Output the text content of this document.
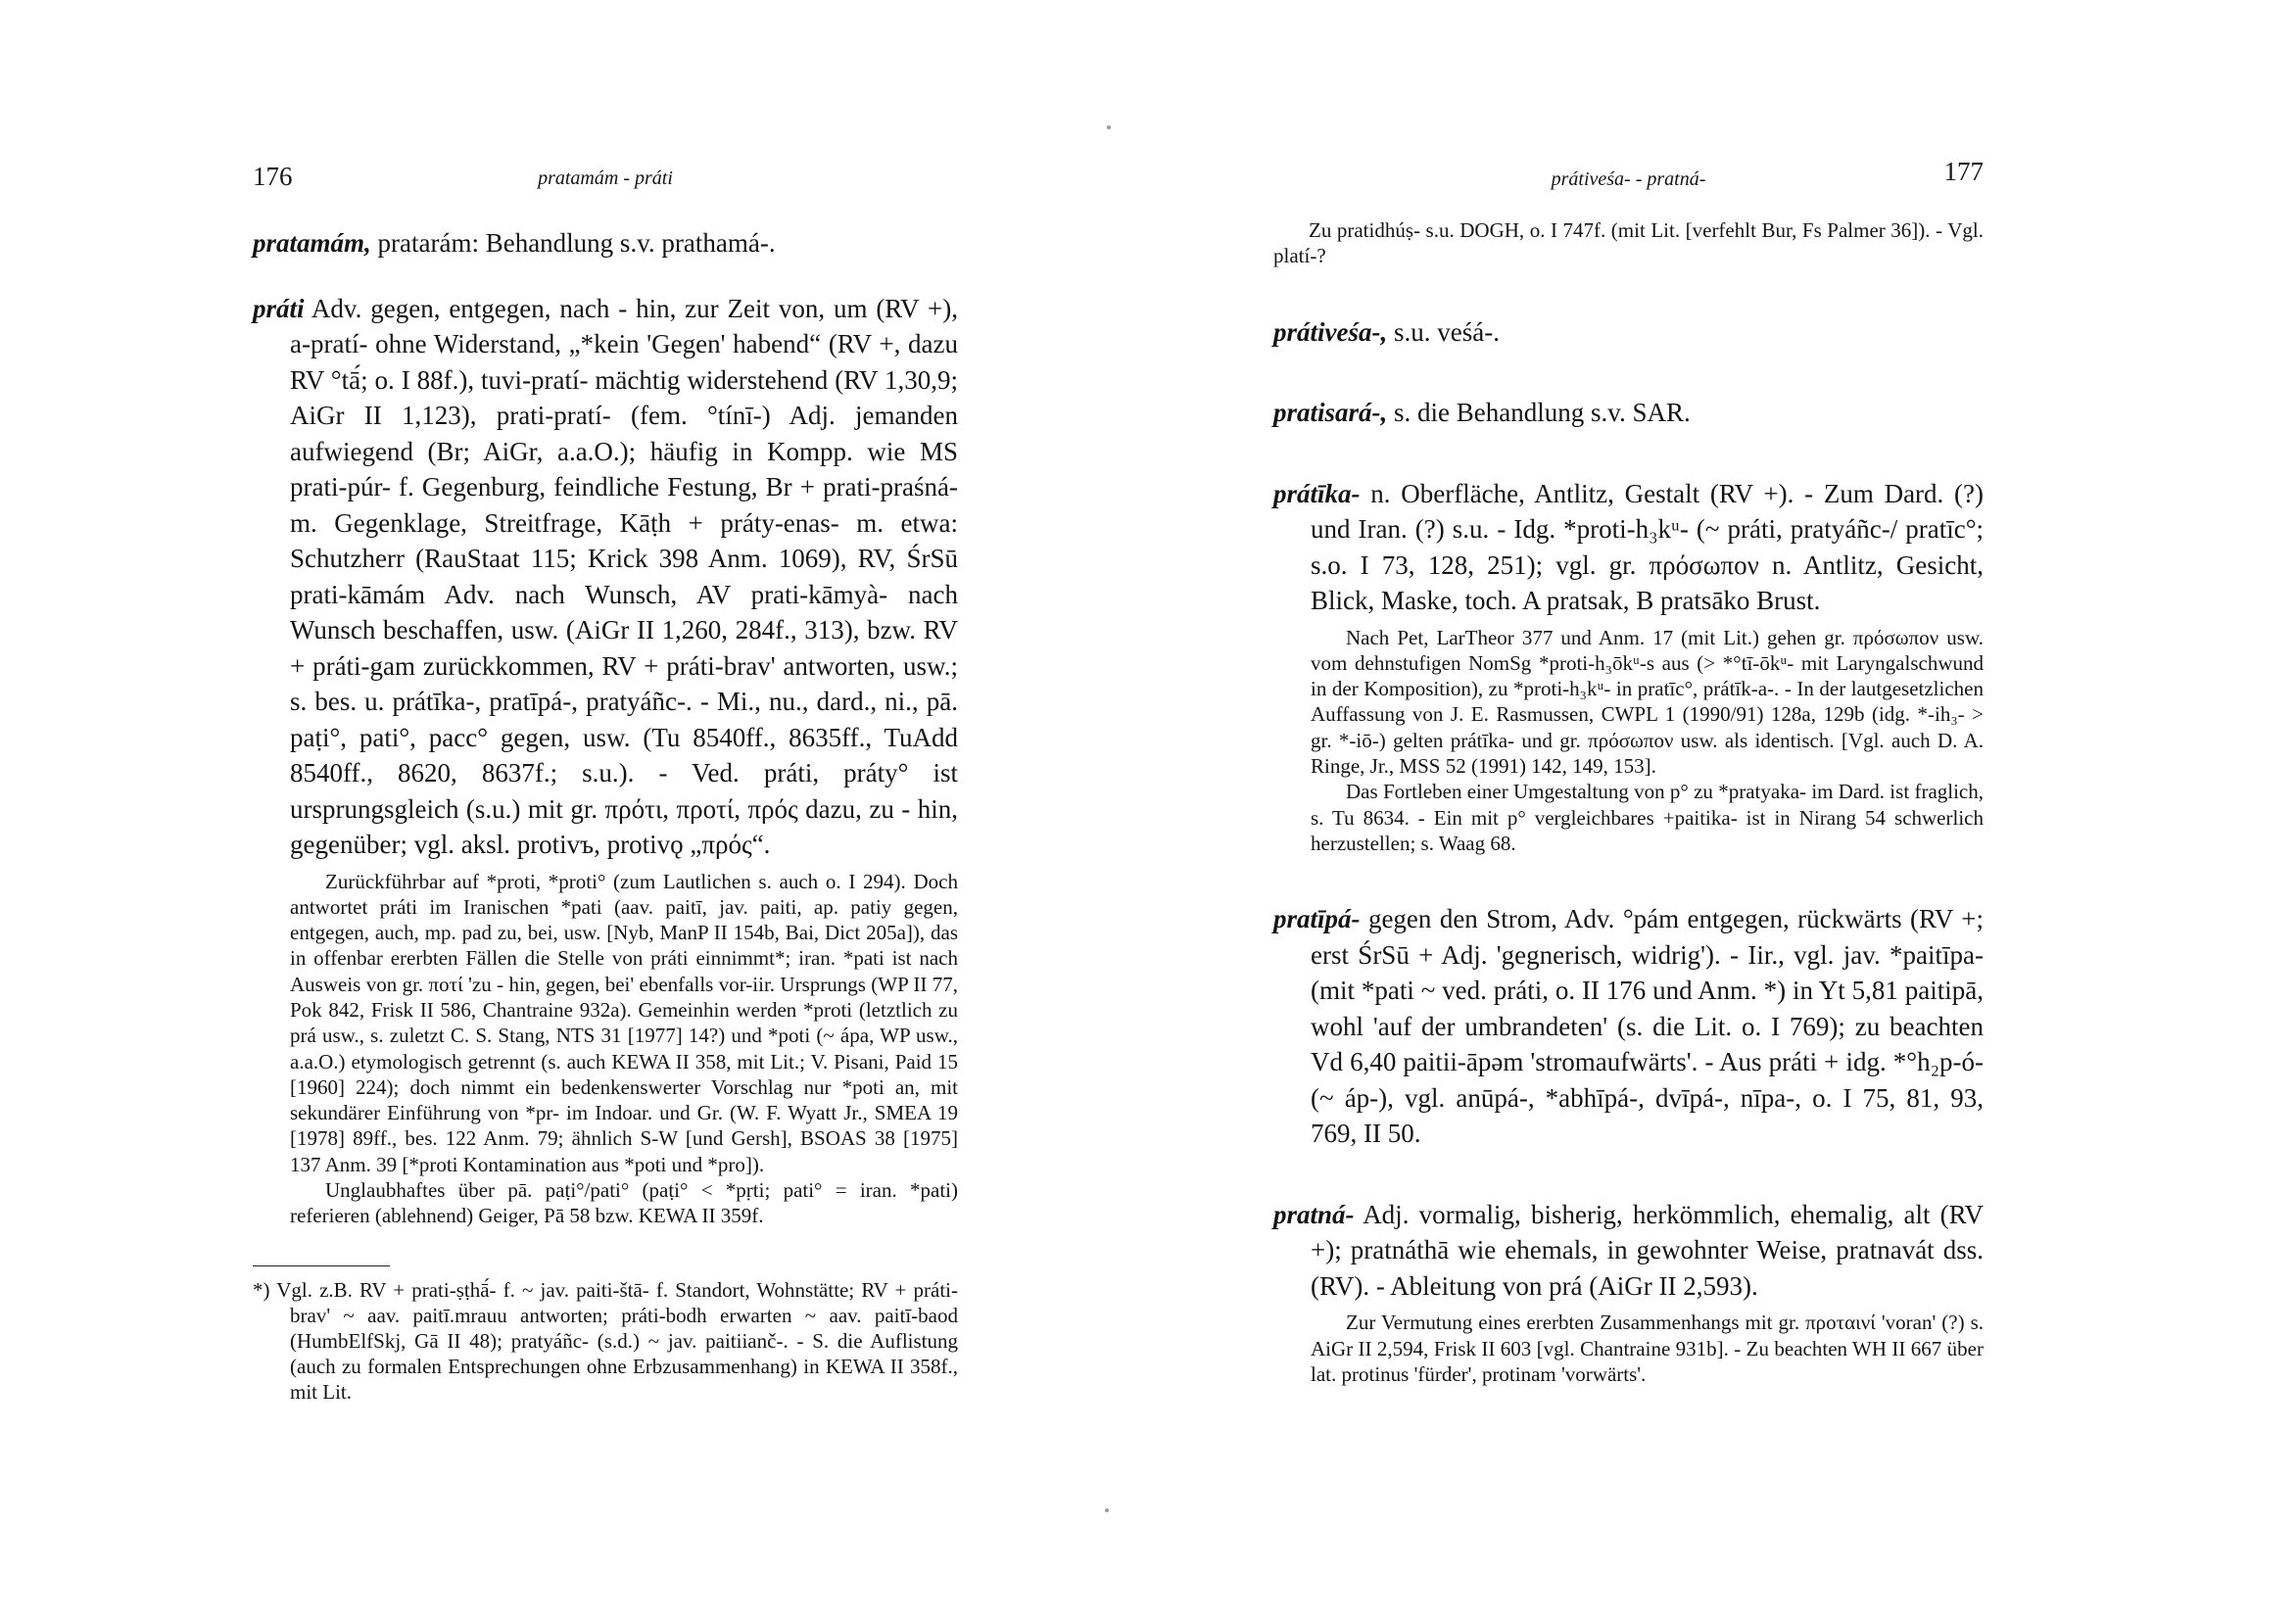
176	pratamám - práti

pratamám, pratarám: Behandlung s.v. prathamá-.

práti Adv. gegen, entgegen, nach - hin, zur Zeit von, um (RV +), a-pratí- ohne Widerstand, „*kein 'Gegen' habend“ (RV +, dazu RV °tā́; o. I 88f.), tuvi-pratí- mächtig widerstehend (RV 1,30,9; AiGr II 1,123), prati-pratí- (fem. °tínī-) Adj. jemanden aufwiegend (Br; AiGr, a.a.O.); häufig in Kompp. wie MS prati-púr- f. Gegenburg, feindliche Festung, Br + prati-praśná- m. Gegenklage, Streitfrage, Kāṭh + práty-enas- m. etwa: Schutzherr (RauStaat 115; Krick 398 Anm. 1069), RV, ŚrSū prati-kāmám Adv. nach Wunsch, AV prati-kāmyà- nach Wunsch beschaffen, usw. (AiGr II 1,260, 284f., 313), bzw. RV + práti-gam zurückkommen, RV + práti-brav' antworten, usw.; s. bes. u. prátīka-, pratīpá-, pratyáñc-. - Mi., nu., dard., ni., pā. paṭi°, pati°, pacc° gegen, usw. (Tu 8540ff., 8635ff., TuAdd 8540ff., 8620, 8637f.; s.u.). - Ved. práti, práty° ist ursprungsgleich (s.u.) mit gr. πρότι, προτί, πρός dazu, zu - hin, gegenüber; vgl. aksl. protivъ, protivǫ „πρός“.

Zurückführbar auf *proti, *proti° (zum Lautlichen s. auch o. I 294). Doch antwortet práti im Iranischen *pati (aav. paitī, jav. paiti, ap. patiy gegen, entgegen, auch, mp. pad zu, bei, usw. [Nyb, ManP II 154b, Bai, Dict 205a]), das in offenbar ererbten Fällen die Stelle von práti einnimmt*; iran. *pati ist nach Ausweis von gr. ποτί 'zu - hin, gegen, bei' ebenfalls vor-iir. Ursprungs (WP II 77, Pok 842, Frisk II 586, Chantraine 932a). Gemeinhin werden *proti (letztlich zu prá usw., s. zuletzt C. S. Stang, NTS 31 [1977] 14?) und *poti (~ ápa, WP usw., a.a.O.) etymologisch getrennt (s. auch KEWA II 358, mit Lit.; V. Pisani, Paid 15 [1960] 224); doch nimmt ein bedenkenswerter Vorschlag nur *poti an, mit sekundärer Einführung von *pr- im Indoar. und Gr. (W. F. Wyatt Jr., SMEA 19 [1978] 89ff., bes. 122 Anm. 79; ähnlich S-W [und Gersh], BSOAS 38 [1975] 137 Anm. 39 [*proti Kontamination aus *poti und *pro]).

Unglaubhaftes über pā. paṭi°/pati° (paṭi° < *pṛti; pati° = iran. *pati) referieren (ablehnend) Geiger, Pā 58 bzw. KEWA II 359f.

*) Vgl. z.B. RV + prati-ṣṭhā́- f. ~ jav. paiti-štā- f. Standort, Wohnstätte; RV + práti-brav' ~ aav. paitī.mrauu antworten; práti-bodh erwarten ~ aav. paitī-baod (HumbElfSkj, Gā II 48); pratyáñc- (s.d.) ~ jav. paitiianč-. - S. die Auflistung (auch zu formalen Entsprechungen ohne Erbzusammenhang) in KEWA II 358f., mit Lit.
prátiveśa- - pratná-	177

Zu pratidhúṣ- s.u. DOGH, o. I 747f. (mit Lit. [verfehlt Bur, Fs Palmer 36]). - Vgl. platí-?

prátiveśa-, s.u. veśá-.

pratisará-, s. die Behandlung s.v. SAR.

prátīka- n. Oberfläche, Antlitz, Gestalt (RV +). - Zum Dard. (?) und Iran. (?) s.u. - Idg. *proti-h₃kᵘ- (~ práti, pratyáñc-/ pratīc°; s.o. I 73, 128, 251); vgl. gr. πρόσωπον n. Antlitz, Gesicht, Blick, Maske, toch. A pratsak, B pratsāko Brust.

Nach Pet, LarTheor 377 und Anm. 17 (mit Lit.) gehen gr. πρόσωπον usw. vom dehnstufigen NomSg *proti-h₃ōkᵘ-s aus (> *°tī-ōkᵘ- mit Laryngalschwund in der Komposition), zu *proti-h₃kᵘ- in pratīc°, prátīk-a-. - In der lautgesetzlichen Auffassung von J. E. Rasmussen, CWPL 1 (1990/91) 128a, 129b (idg. *-ih₃- > gr. *-iō-) gelten prátīka- und gr. πρόσωπον usw. als identisch. [Vgl. auch D. A. Ringe, Jr., MSS 52 (1991) 142, 149, 153].

Das Fortleben einer Umgestaltung von p° zu *pratyaka- im Dard. ist fraglich, s. Tu 8634. - Ein mit p° vergleichbares +paitika- ist in Nirang 54 schwerlich herzustellen; s. Waag 68.

pratīpá- gegen den Strom, Adv. °pám entgegen, rückwärts (RV +; erst ŚrSū + Adj. 'gegnerisch, widrig'). - Iir., vgl. jav. *paitīpa- (mit *pati ~ ved. práti, o. II 176 und Anm. *) in Yt 5,81 paitipā, wohl 'auf der umbrandeten' (s. die Lit. o. I 769); zu beachten Vd 6,40 paitii-āpəm 'stromaufwärts'. - Aus práti + idg. *°h₂p-ó- (~ áp-), vgl. anūpá-, *abhīpá-, dvīpá-, nīpa-, o. I 75, 81, 93, 769, II 50.

pratná- Adj. vormalig, bisherig, herkömmlich, ehemalig, alt (RV +); pratnáthā wie ehemals, in gewohnter Weise, pratnavát dss. (RV). - Ableitung von prá (AiGr II 2,593).

Zur Vermutung eines ererbten Zusammenhangs mit gr. προταινί 'voran' (?) s. AiGr II 2,594, Frisk II 603 [vgl. Chantraine 931b]. - Zu beachten WH II 667 über lat. protinus 'fürder', protinam 'vorwärts'.
